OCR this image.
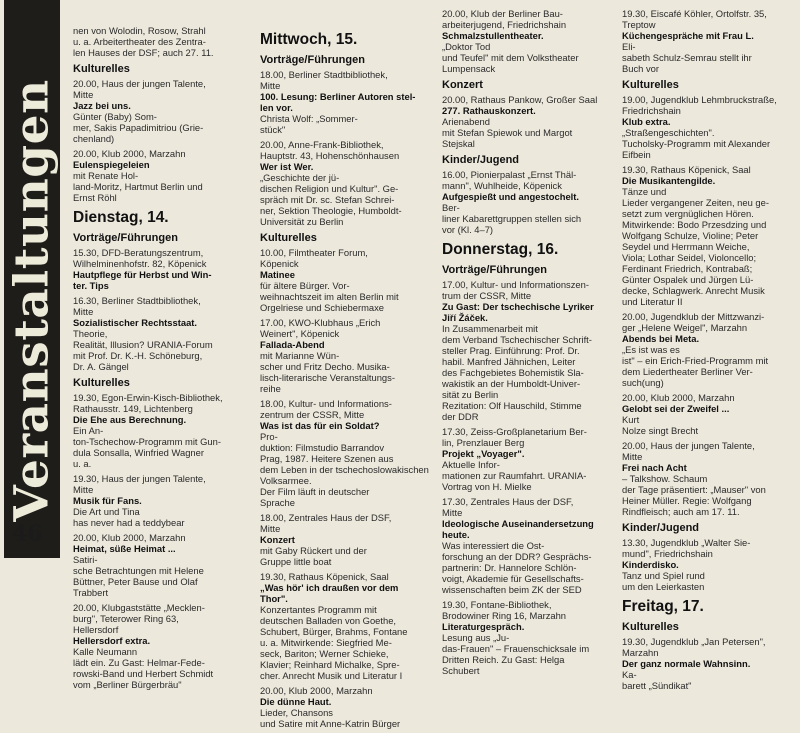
Veranstaltungen

nen von Wolodin, Rosow, Strahl

u. a. Arbeitertheater des Zentra-

len Hauses der DSF; auch 27. 11.

Kulturelles

20.00, Haus der jungen Talente,

Mitte

Jazz bei uns.

Günter (Baby) Som-

mer, Sakis Papadimitriou (Grie-

chenland)

20.00, Klub 2000, Marzahn

Eulenspiegeleien

mit Renate Hol-

land-Moritz, Hartmut Berlin und

Ernst Röhl

Dienstag, 14.
Vorträge/Führungen

15.30, DFD-Beratungszentrum,

Wilhelminenhofstr. 82, Köpenick

Hautpflege für Herbst und Win-

ter. Tips

16.30, Berliner Stadtbibliothek,

Mitte

Sozialistischer Rechtsstaat.

Theorie,

Realität, Illusion? URANIA-Forum

mit Prof. Dr. K.-H. Schöneburg,

Dr. A. Gängel

Kulturelles

19.30, Egon-Erwin-Kisch-Bibliothek,

Rathausstr. 149, Lichtenberg

Die Ehe aus Berechnung.

Ein An-

ton-Tschechow-Programm mit Gun-

dula Sonsalla, Winfried Wagner

u. a.

19.30, Haus der jungen Talente,

Mitte

Musik für Fans.

Die Art und Tina

has never had a teddybear

20.00, Klub 2000, Marzahn

Heimat, süße Heimat ...

Satiri-

sche Betrachtungen mit Helene

Büttner, Peter Bause und Olaf

Trabbert

20.00, Klubgaststätte „Mecklen-

burg", Teterower Ring 63,

Hellersdorf

Hellersdorf extra.

Kalle Neumann

lädt ein. Zu Gast: Helmar-Fede-

rowski-Band und Herbert Schmidt

vom „Berliner Bürgerbräu"

Mittwoch, 15.
Vorträge/Führungen

18.00, Berliner Stadtbibliothek,

Mitte

100. Lesung: Berliner Autoren stel-

len vor.

Christa Wolf: „Sommer-

stück"

20.00, Anne-Frank-Bibliothek,

Hauptstr. 43, Hohenschönhausen

Wer ist Wer.

„Geschichte der jü-

dischen Religion und Kultur". Ge-

spräch mit Dr. sc. Stefan Schrei-

ner, Sektion Theologie, Humboldt-

Universität zu Berlin

Kulturelles

10.00, Filmtheater Forum,

Köpenick

Matinee

für ältere Bürger. Vor-

weihnachtszeit im alten Berlin mit

Orgelriese und Schiebermaxe

17.00, KWO-Klubhaus „Erich

Weinert", Köpenick

Fallada-Abend

mit Marianne Wün-

scher und Fritz Decho. Musika-

lisch-literarische Veranstaltungs-

reihe

18.00, Kultur- und Informations-

zentrum der CSSR, Mitte

Was ist das für ein Soldat?

Pro-

duktion: Filmstudio Barrandov

Prag, 1987. Heitere Szenen aus

dem Leben in der tschechoslowakischen Volksarmee.

Der Film läuft in deutscher

Sprache

18.00, Zentrales Haus der DSF,

Mitte

Konzert

mit Gaby Rückert und der

Gruppe little boat

19.30, Rathaus Köpenick, Saal

„Was hör' ich draußen vor dem

Thor".

Konzertantes Programm mit

deutschen Balladen von Goethe,

Schubert, Bürger, Brahms, Fontane

u. a. Mitwirkende: Siegfried Me-

seck, Bariton; Werner Schieke,

Klavier; Reinhard Michalke, Spre-

cher. Anrecht Musik und Literatur I

20.00, Klub 2000, Marzahn

Die dünne Haut.

Lieder, Chansons

und Satire mit Anne-Katrin Bürger

20.00, Klub der Berliner Bau-

arbeiterjugend, Friedrichshain

Schmalzstullentheater.

„Doktor Tod

und Teufel" mit dem Volkstheater

Lumpensack

Konzert

20.00, Rathaus Pankow, Großer Saal

277. Rathauskonzert.

Arienabend

mit Stefan Spiewok und Margot

Stejskal

Kinder/Jugend

16.00, Pionierpalast „Ernst Thäl-

mann", Wuhlheide, Köpenick

Aufgespießt und angestochelt.

Ber-

liner Kabarettgruppen stellen sich

vor (Kl. 4–7)

Donnerstag, 16.
Vorträge/Führungen

17.00, Kultur- und Informationszen-

trum der CSSR, Mitte

Zu Gast: Der tschechische Lyriker

Jiří Žáček.

In Zusammenarbeit mit

dem Verband Tschechischer Schrift-

steller Prag. Einführung: Prof. Dr.

habil. Manfred Jähnichen, Leiter

des Fachgebietes Bohemistik Sla-

wakistik an der Humboldt-Univer-

sität zu Berlin

Rezitation: Olf Hauschild, Stimme

der DDR

17.30, Zeiss-Großplanetarium Ber-

lin, Prenzlauer Berg

Projekt „Voyager".

Aktuelle Infor-

mationen zur Raumfahrt. URANIA-

Vortrag von H. Mielke

17.30, Zentrales Haus der DSF,

Mitte

Ideologische Auseinandersetzung

heute.

Was interessiert die Ost-

forschung an der DDR? Gesprächs-

partnerin: Dr. Hannelore Schlön-

voigt, Akademie für Gesellschafts-

wissenschaften beim ZK der SED

19.30, Fontane-Bibliothek,

Brodowiner Ring 16, Marzahn

Literaturgespräch.

Lesung aus „Ju-

das-Frauen" – Frauenschicksale im

Dritten Reich. Zu Gast: Helga

Schubert

19.30, Eiscafé Köhler, Ortolfstr. 35,

Treptow

Küchengespräche mit Frau L.

Eli-

sabeth Schulz-Semrau stellt ihr

Buch vor

Kulturelles

19.00, Jugendklub Lehmbruckstraße,

Friedrichshain

Klub extra.

„Straßengeschichten".

Tucholsky-Programm mit Alexander

Eifbein

19.30, Rathaus Köpenick, Saal

Die Musikantengilde.

Tänze und

Lieder vergangener Zeiten, neu ge-

setzt zum vergnüglichen Hören.

Mitwirkende: Bodo Przesdzing und

Wolfgang Schulze, Violine; Peter

Seydel und Herrmann Weiche,

Viola; Lothar Seidel, Violoncello;

Ferdinant Friedrich, Kontrabaß;

Günter Ospalek und Jürgen Lü-

decke, Schlagwerk. Anrecht Musik

und Literatur II

20.00, Jugendklub der Mittzwanzi-

ger „Helene Weigel", Marzahn

Abends bei Meta.

„Es ist was es

ist" – ein Erich-Fried-Programm mit

dem Liedertheater Berliner Ver-

such(ung)

20.00, Klub 2000, Marzahn

Gelobt sei der Zweifel ...

Kurt

Nolze singt Brecht

20.00, Haus der jungen Talente,

Mitte

Frei nach Acht

– Talkshow. Schaum

der Tage präsentiert: „Mauser" von

Heiner Müller. Regie: Wolfgang

Rindfleisch; auch am 17. 11.

Kinder/Jugend

13.30, Jugendklub „Walter Sie-

mund", Friedrichshain

Kinderdisko.

Tanz und Spiel rund

um den Leierkasten

Freitag, 17.
Kulturelles

19.30, Jugendklub „Jan Petersen",

Marzahn

Der ganz normale Wahnsinn.

Ka-

barett „Sündikat"

46
